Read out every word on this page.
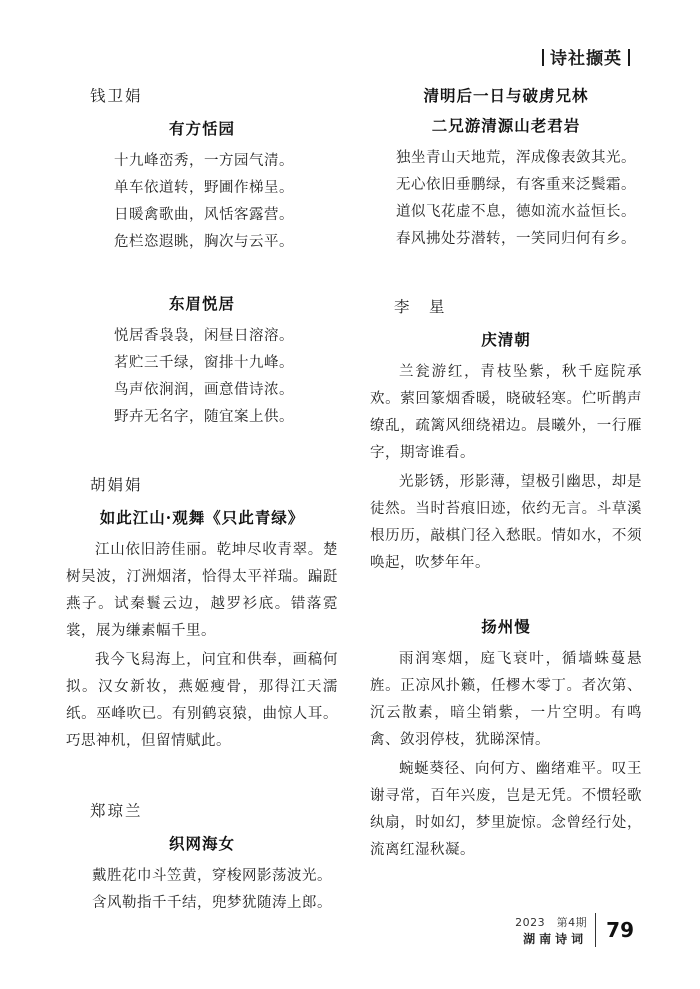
诗社撷英
钱卫娟
有方恬园
十九峰峦秀，一方园气清。
单车依道转，野圃作梯呈。
日暖禽歌曲，风恬客露营。
危栏恣遐眺，胸次与云平。
东眉悦居
悦居香袅袅，闲昼日溶溶。
茗贮三千绿，窗排十九峰。
鸟声依涧润，画意借诗浓。
野卉无名字，随宜案上供。
胡娟娟
如此江山·观舞《只此青绿》

江山依旧誇佳丽。乾坤尽收青翠。楚树吴波，汀洲烟渚，恰得太平祥瑞。蹁跹燕子。试秦鬟云边，越罗衫底。错落霓裳，展为缣素幅千里。

我今飞舄海上，问宜和供奉，画稿何拟。汉女新妆，燕姬瘦骨，那得江天濡纸。巫峰吹已。有别鹤哀猿，曲惊人耳。巧思神机，但留情赋此。

郑琼兰
织网海女
戴胜花巾斗笠黄，穿梭网影荡波光。
含风勒指千千结，兜梦犹随涛上郎。
清明后一日与破虏兄林
二兄游清源山老君岩
独坐青山天地荒，浑成像表敛其光。
无心依旧垂鹏绿，有客重来泛鬓霜。
道似飞花虚不息，德如流水益恒长。
春风拂处芬潜转，一笑同归何有乡。
李　星
庆清朝

兰瓮游红，青枝坠紫，秋千庭院承欢。萦回篆烟香暖，晓破轻寒。伫听鹊声缭乱，疏篱风细绕裙边。晨曦外，一行雁字，期寄谁看。

光影锈，形影薄，望极引幽思，却是徒然。当时苔痕旧迹，依约无言。斗草溪根历历，敲棋门径入愁眠。情如水，不须唤起，吹梦年年。

扬州慢

雨润寒烟，庭飞衰叶，循墙蛛蔓悬旌。正凉风扑籁，任樛木零丁。者次第、沉云散素，暗尘销紫，一片空明。有鸣禽、敛羽停枝，犹睇深情。

蜿蜒葵径、向何方、幽绪难平。叹王谢寻常，百年兴废，岂是无凭。不惯轻歌纨扇，时如幻，梦里旋惊。念曾经行处，流离红湿秋凝。

2023　第4期
湖南诗词 79
